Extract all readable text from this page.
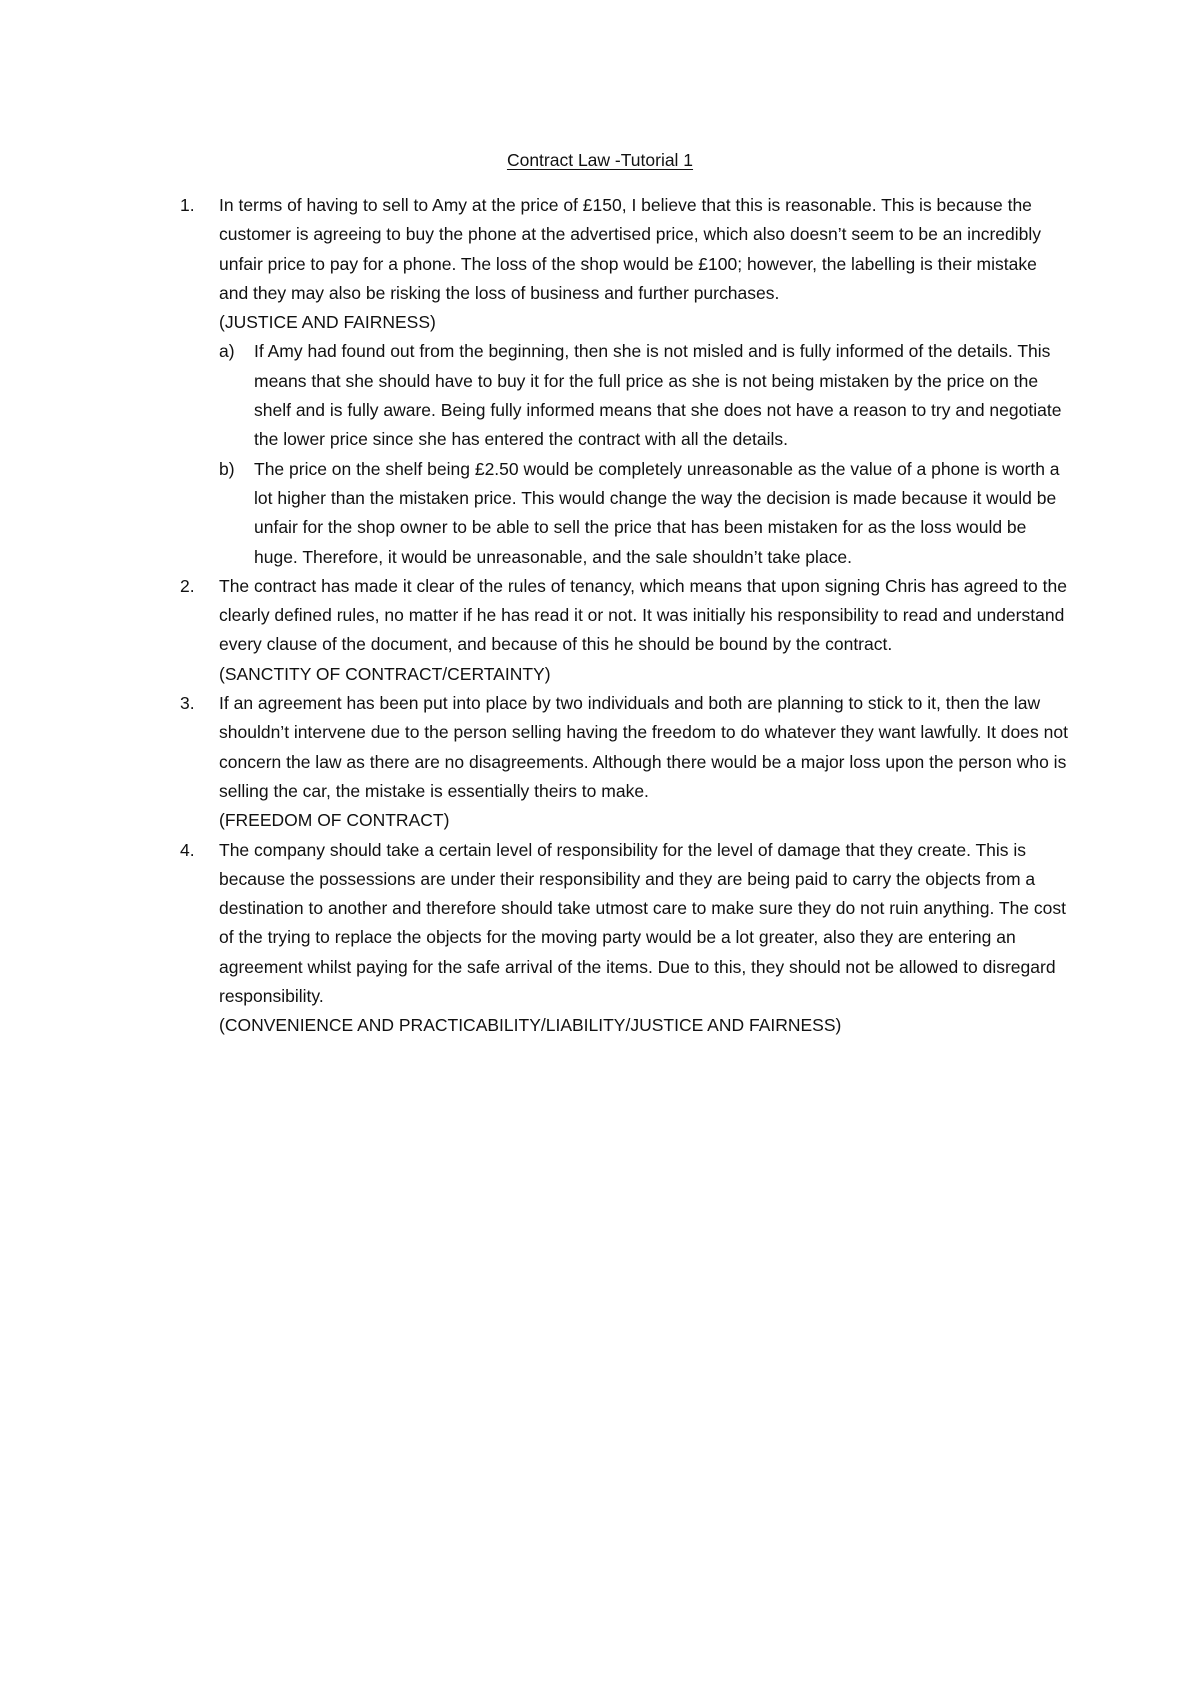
Contract Law -Tutorial 1
1. In terms of having to sell to Amy at the price of £150, I believe that this is reasonable. This is because the customer is agreeing to buy the phone at the advertised price, which also doesn’t seem to be an incredibly unfair price to pay for a phone. The loss of the shop would be £100; however, the labelling is their mistake and they may also be risking the loss of business and further purchases.

(JUSTICE AND FAIRNESS)

a) If Amy had found out from the beginning, then she is not misled and is fully informed of the details. This means that she should have to buy it for the full price as she is not being mistaken by the price on the shelf and is fully aware. Being fully informed means that she does not have a reason to try and negotiate the lower price since she has entered the contract with all the details.

b) The price on the shelf being £2.50 would be completely unreasonable as the value of a phone is worth a lot higher than the mistaken price. This would change the way the decision is made because it would be unfair for the shop owner to be able to sell the price that has been mistaken for as the loss would be huge. Therefore, it would be unreasonable, and the sale shouldn’t take place.

2. The contract has made it clear of the rules of tenancy, which means that upon signing Chris has agreed to the clearly defined rules, no matter if he has read it or not. It was initially his responsibility to read and understand every clause of the document, and because of this he should be bound by the contract.

(SANCTITY OF CONTRACT/CERTAINTY)

3. If an agreement has been put into place by two individuals and both are planning to stick to it, then the law shouldn’t intervene due to the person selling having the freedom to do whatever they want lawfully. It does not concern the law as there are no disagreements. Although there would be a major loss upon the person who is selling the car, the mistake is essentially theirs to make.

(FREEDOM OF CONTRACT)

4. The company should take a certain level of responsibility for the level of damage that they create. This is because the possessions are under their responsibility and they are being paid to carry the objects from a destination to another and therefore should take utmost care to make sure they do not ruin anything. The cost of the trying to replace the objects for the moving party would be a lot greater, also they are entering an agreement whilst paying for the safe arrival of the items. Due to this, they should not be allowed to disregard responsibility.

(CONVENIENCE AND PRACTICABILITY/LIABILITY/JUSTICE AND FAIRNESS)
